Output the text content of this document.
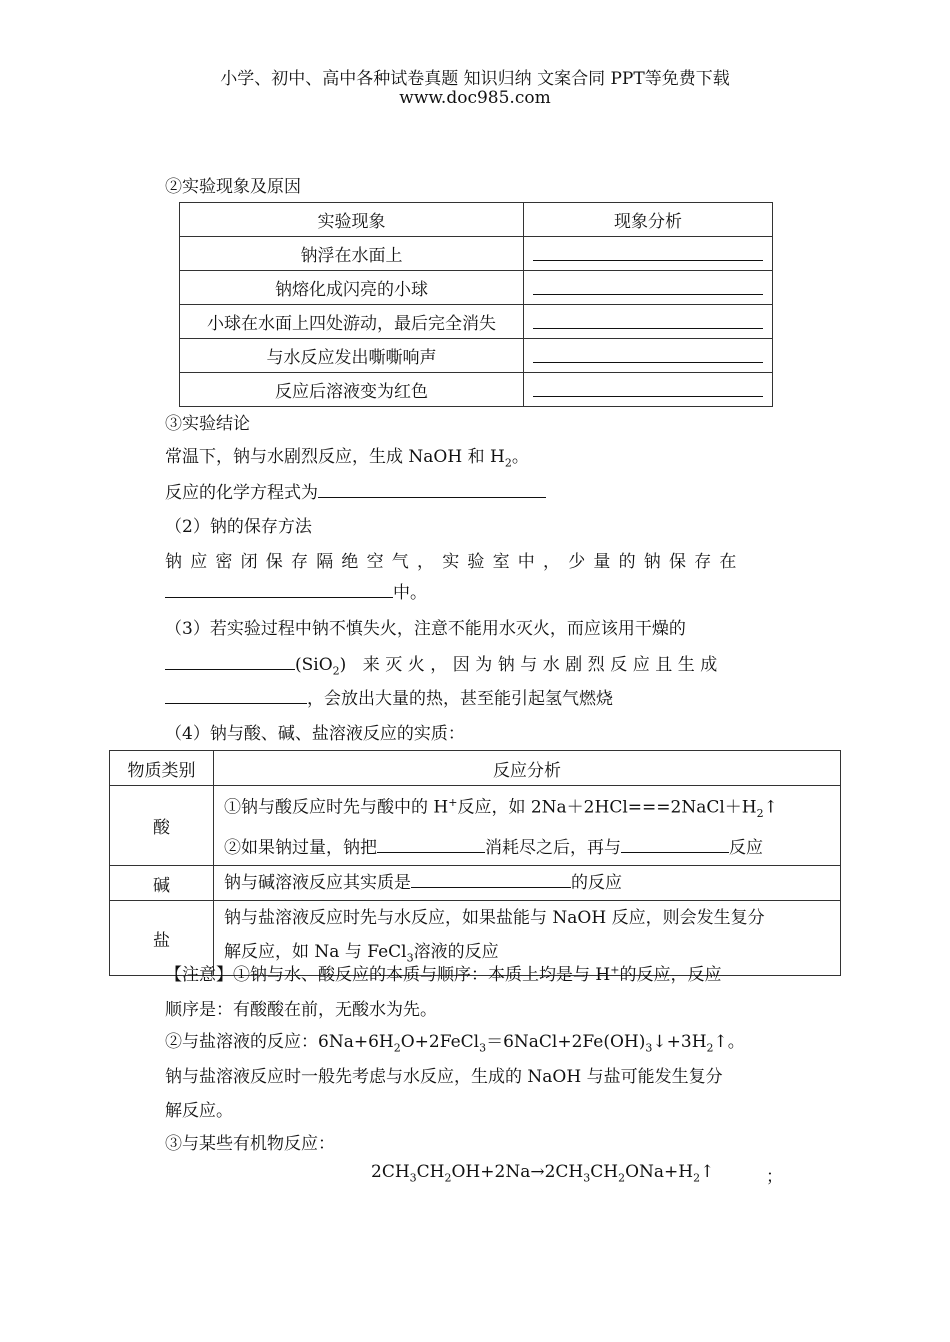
小学、初中、高中各种试卷真题 知识归纳 文案合同 PPT等免费下载
www.doc985.com
②实验现象及原因
实验现象	现象分析
钠浮在水面上	
钠熔化成闪亮的小球	
小球在水面上四处游动，最后完全消失	
与水反应发出嘶嘶响声	
反应后溶液变为红色	
③实验结论
常温下，钠与水剧烈反应，生成 NaOH 和 $H_2$。
反应的化学方程式为
（2）钠的保存方法
钠应密闭保存隔绝空气，实验室中，少量的钠保存在
中。
（3）若实验过程中钠不慎失火，注意不能用水灭火，而应该用干燥的
(SiO$_2$) 来灭火，因为钠与水剧烈反应且生成
，会放出大量的热，甚至能引起氢气燃烧
（4）钠与酸、碱、盐溶液反应的实质：
物质类别	反应分析
酸	①钠与酸反应时先与酸中的 H+反应，如 $2Na+2HCl===2NaCl+H_2↑$
②如果钠过量，钠把 消耗尽之后，再与 反应

碱	钠与碱溶液反应其实质是 的反应
盐	钠与盐溶液反应时先与水反应，如果盐能与 NaOH 反应，则会发生复分
解反应，如 Na 与 FeCl$_3$溶液的反应
【注意】①钠与水、酸反应的本质与顺序：本质上均是与 H+的反应，反应
顺序是：有酸酸在前，无酸水为先。
②与盐溶液的反应：$6Na+6H_2O+2FeCl_3=6NaCl+2Fe(OH)_3↓+3H_2↑$。
钠与盐溶液反应时一般先考虑与水反应，生成的 NaOH 与盐可能发生复分
解反应。
③与某些有机物反应：
$2CH_3CH_2OH+2Na\to 2CH_3CH_2ONa+H_2↑$	；
